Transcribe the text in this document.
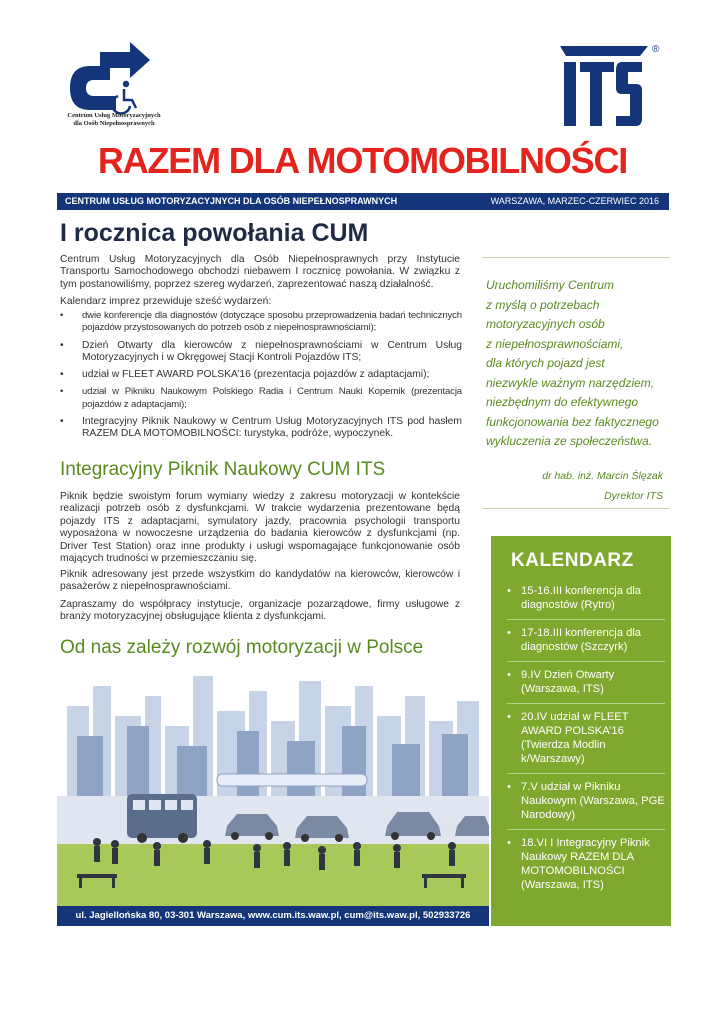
Centrum Usług Motoryzacyjnych
dla Osób Niepełnosprawnych
®
RAZEM DLA MOTOMOBILNOŚCI
CENTRUM USŁUG MOTORYZACYJNYCH DLA OSÓB NIEPEŁNOSPRAWNYCH	WARSZAWA, MARZEC-CZERWIEC 2016
I rocznica powołania CUM

Centrum Usług Motoryzacyjnych dla Osób Niepełnosprawnych przy Instytucie Transportu Samochodowego obchodzi niebawem I rocznicę powołania. W związku z tym postanowiliśmy, poprzez szereg wydarzeń, zaprezentować naszą działalność.

Kalendarz imprez przewiduje sześć wydarzeń:

• dwie konferencje dla diagnostów (dotyczące sposobu przeprowadzenia badań technicznych pojazdów przystosowanych do potrzeb osób z niepełnosprawnościami);
• Dzień Otwarty dla kierowców z niepełnosprawnościami w Centrum Usług Motoryzacyjnych i w Okręgowej Stacji Kontroli Pojazdów ITS;
• udział w FLEET AWARD POLSKA’16 (prezentacja pojazdów z adaptacjami);
• udział w Pikniku Naukowym Polskiego Radia i Centrum Nauki Kopernik (prezentacja pojazdów z adaptacjami);
• Integracyjny Piknik Naukowy w Centrum Usług Motoryzacyjnych ITS pod hasłem RAZEM DLA MOTOMOBILNOŚCI: turystyka, podróże, wypoczynek.
Integracyjny Piknik Naukowy CUM ITS

Piknik będzie swoistym forum wymiany wiedzy z zakresu motoryzacji w kontekście realizacji potrzeb osób z dysfunkcjami. W trakcie wydarzenia prezentowane będą pojazdy ITS z adaptacjami, symulatory jazdy, pracownia psychologii transportu wyposażona w nowoczesne urządzenia do badania kierowców z dysfunkcjami (np. Driver Test Station) oraz inne produkty i usługi wspomagające funkcjonowanie osób mających trudności w przemieszczaniu się.

Piknik adresowany jest przede wszystkim do kandydatów na kierowców, kierowców i pasażerów z niepełnosprawnościami.

Zapraszamy do współpracy instytucje, organizacje pozarządowe, firmy usługowe z branży motoryzacyjnej obsługujące klienta z dysfunkcjami.

Od nas zależy rozwój motoryzacji w Polsce
Uruchomiliśmy Centrum
z myślą o potrzebach
motoryzacyjnych osób
z niepełnosprawnościami,
dla których pojazd jest
niezwykle ważnym narzędziem,
niezbędnym do efektywnego
funkcjonowania bez faktycznego
wykluczenia ze społeczeństwa.
dr hab. inż. Marcin Ślęzak
Dyrektor ITS
KALENDARZ
• 15-16.III konferencja dla diagnostów (Rytro)
• 17-18.III konferencja dla diagnostów (Szczyrk)
• 9.IV Dzień Otwarty (Warszawa, ITS)
• 20.IV udział w FLEET AWARD POLSKA’16 (Twierdza Modlin k/Warszawy)
• 7.V udział w Pikniku Naukowym (Warszawa, PGE Narodowy)
• 18.VI I Integracyjny Piknik Naukowy RAZEM DLA MOTOMOBILNOŚCI (Warszawa, ITS)
ul. Jagiellońska 80, 03-301 Warszawa, www.cum.its.waw.pl, cum@its.waw.pl, 502933726
